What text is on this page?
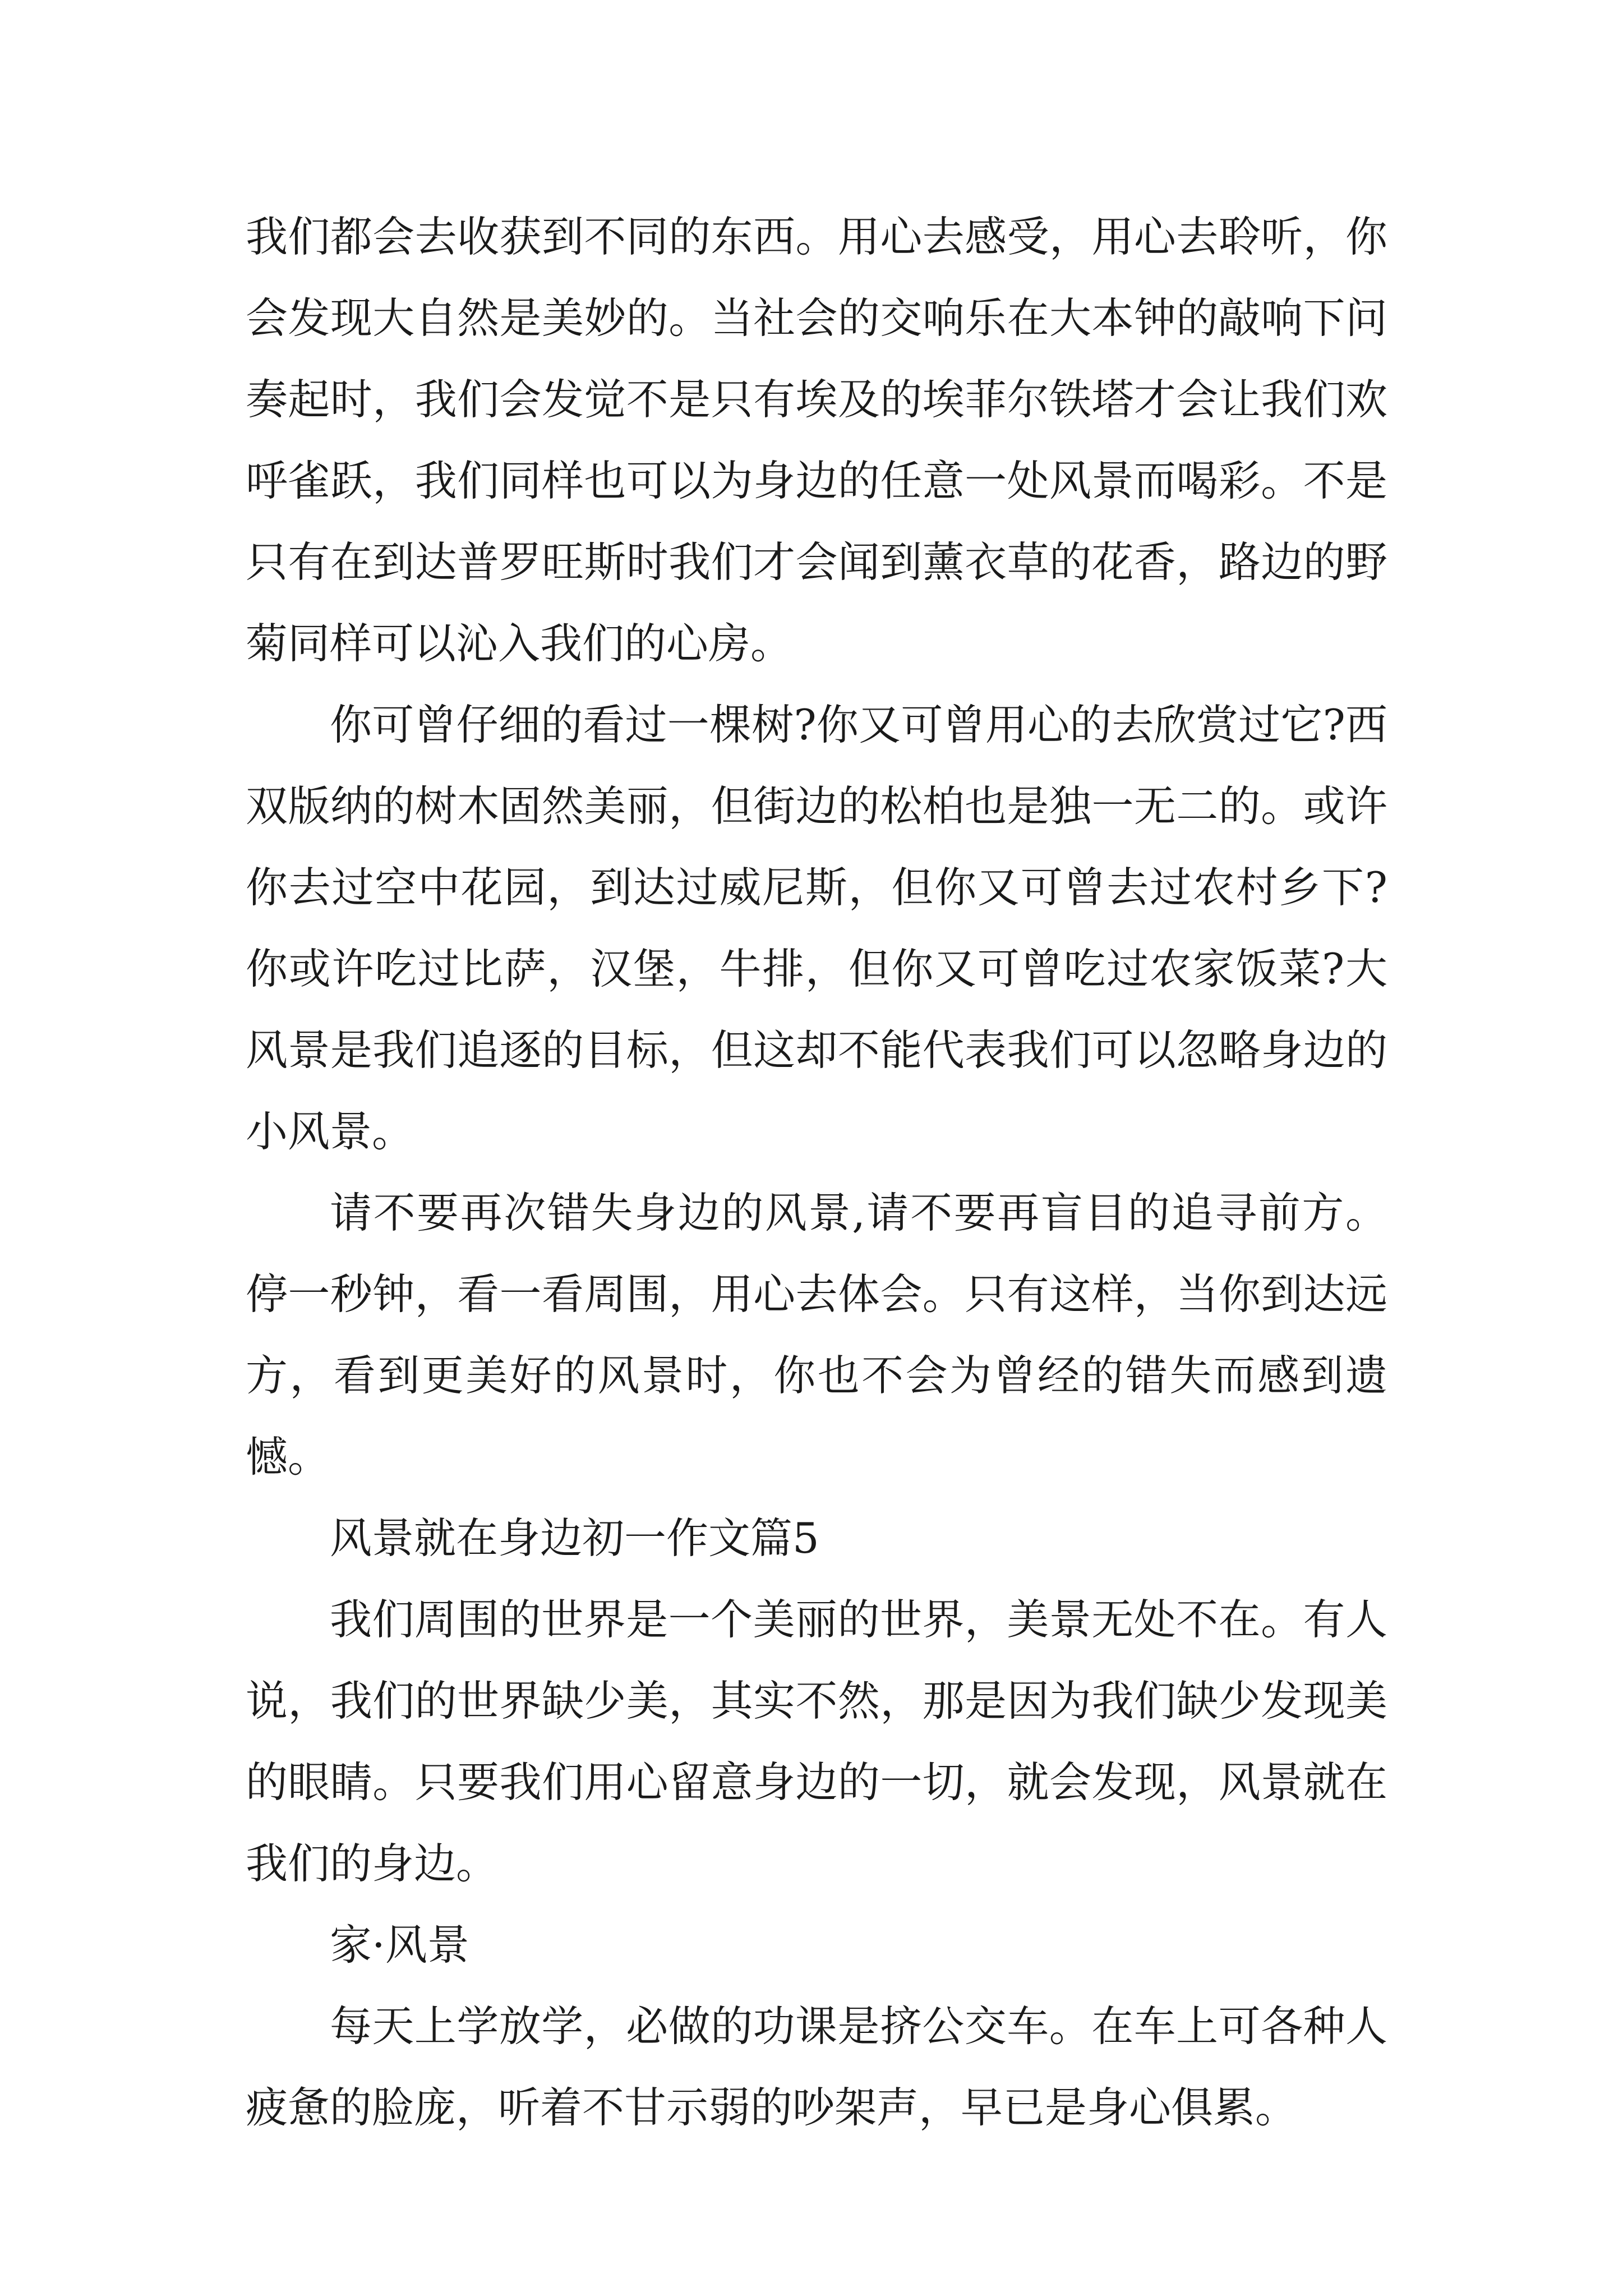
我们都会去收获到不同的东西。用心去感受，用心去聆听，你会发现大自然是美妙的。当社会的交响乐在大本钟的敲响下问奏起时，我们会发觉不是只有埃及的埃菲尔铁塔才会让我们欢呼雀跃，我们同样也可以为身边的任意一处风景而喝彩。不是只有在到达普罗旺斯时我们才会闻到薰衣草的花香，路边的野菊同样可以沁入我们的心房。

你可曾仔细的看过一棵树?你又可曾用心的去欣赏过它?西双版纳的树木固然美丽，但街边的松柏也是独一无二的。或许你去过空中花园，到达过威尼斯，但你又可曾去过农村乡下?你或许吃过比萨，汉堡，牛排，但你又可曾吃过农家饭菜?大风景是我们追逐的目标，但这却不能代表我们可以忽略身边的小风景。

请不要再次错失身边的风景,请不要再盲目的追寻前方。停一秒钟，看一看周围，用心去体会。只有这样，当你到达远方，看到更美好的风景时，你也不会为曾经的错失而感到遗憾。

风景就在身边初一作文篇5

我们周围的世界是一个美丽的世界，美景无处不在。有人说，我们的世界缺少美，其实不然，那是因为我们缺少发现美的眼睛。只要我们用心留意身边的一切，就会发现，风景就在我们的身边。

家·风景

每天上学放学，必做的功课是挤公交车。在车上可各种人疲惫的脸庞，听着不甘示弱的吵架声，早已是身心俱累。
